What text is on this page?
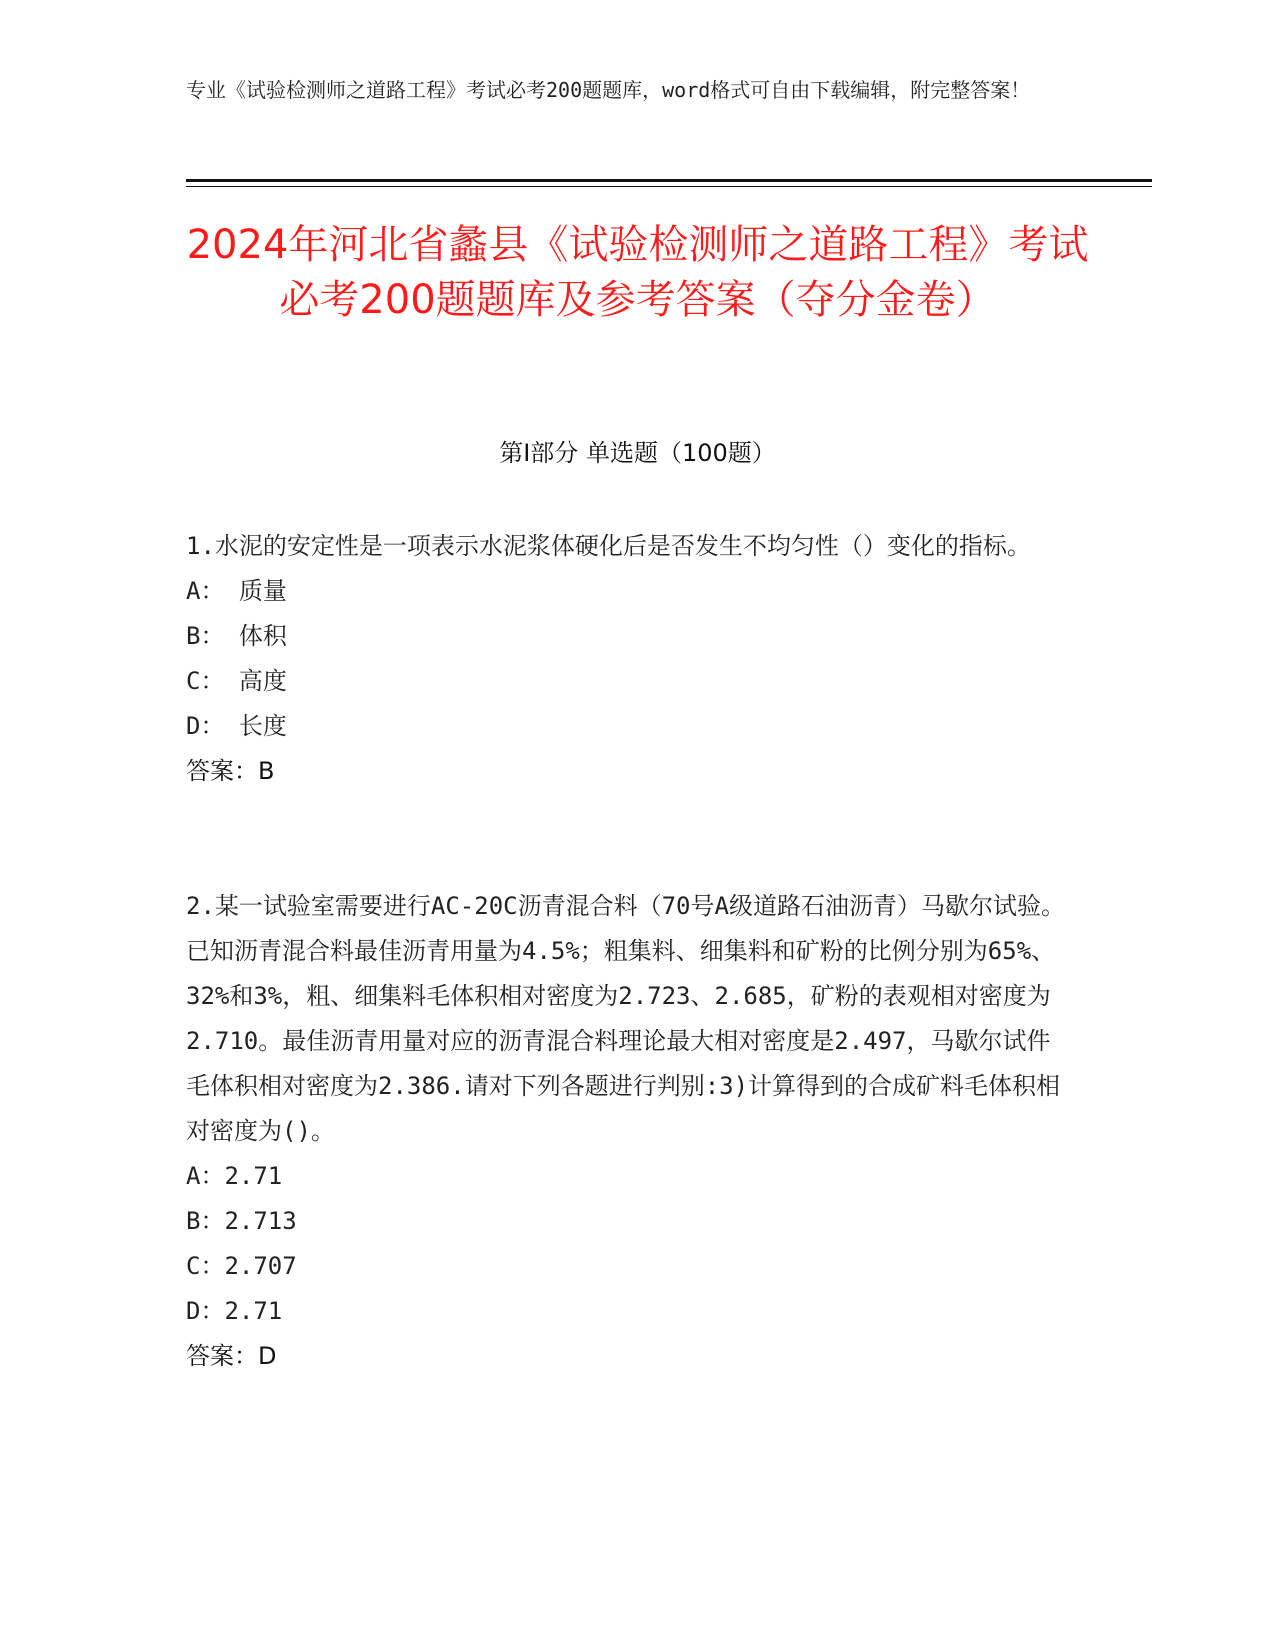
专业《试验检测师之道路工程》考试必考200题题库，word格式可自由下载编辑，附完整答案！
2024年河北省蠡县《试验检测师之道路工程》考试必考200题题库及参考答案（夺分金卷）
第I部分 单选题（100题）

1.水泥的安定性是一项表示水泥浆体硬化后是否发生不均匀性（）变化的指标。

A： 质量

B： 体积

C： 高度

D： 长度

答案：B

2.某一试验室需要进行AC-20C沥青混合料（70号A级道路石油沥青）马歇尔试验。已知沥青混合料最佳沥青用量为4.5%；粗集料、细集料和矿粉的比例分别为65%、32%和3%，粗、细集料毛体积相对密度为2.723、2.685，矿粉的表观相对密度为2.710。最佳沥青用量对应的沥青混合料理论最大相对密度是2.497，马歇尔试件毛体积相对密度为2.386.请对下列各题进行判别:3)计算得到的合成矿料毛体积相对密度为()。

A：2.71

B：2.713

C：2.707

D：2.71

答案：D
